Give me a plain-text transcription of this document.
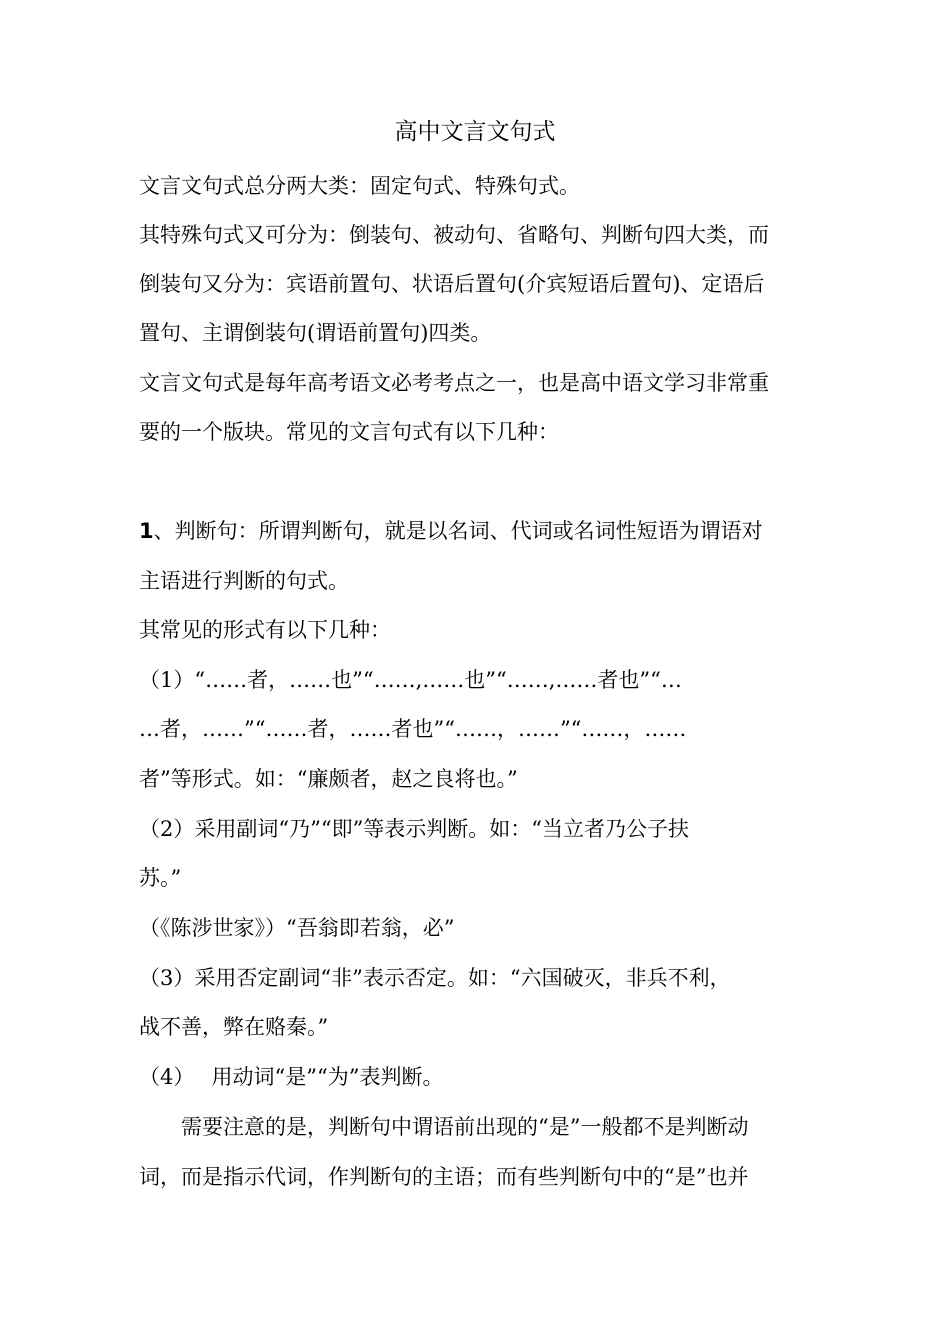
高中文言文句式
文言文句式总分两大类：固定句式、特殊句式。
其特殊句式又可分为：倒装句、被动句、省略句、判断句四大类，而
倒装句又分为：宾语前置句、状语后置句(介宾短语后置句)、定语后
置句、主谓倒装句(谓语前置句)四类。
文言文句式是每年高考语文必考考点之一，也是高中语文学习非常重
要的一个版块。常见的文言句式有以下几种：
1、判断句：所谓判断句，就是以名词、代词或名词性短语为谓语对
主语进行判断的句式。
其常见的形式有以下几种：
（1）“……者，……也”“……,……也”“……,……者也”“…
…者，……”“……者，……者也”“……，……”“……，……
者”等形式。如：“廉颇者，赵之良将也。”
（2）采用副词“乃”“即”等表示判断。如：“当立者乃公子扶
苏。”
（《陈涉世家》）“吾翁即若翁，必”
（3）采用否定副词“非”表示否定。如：“六国破灭，非兵不利，
战不善，弊在赂秦。”
（4）　 用动词“是”“为”表判断。
需要注意的是，判断句中谓语前出现的“是”一般都不是判断动
词，而是指示代词，作判断句的主语；而有些判断句中的“是”也并
